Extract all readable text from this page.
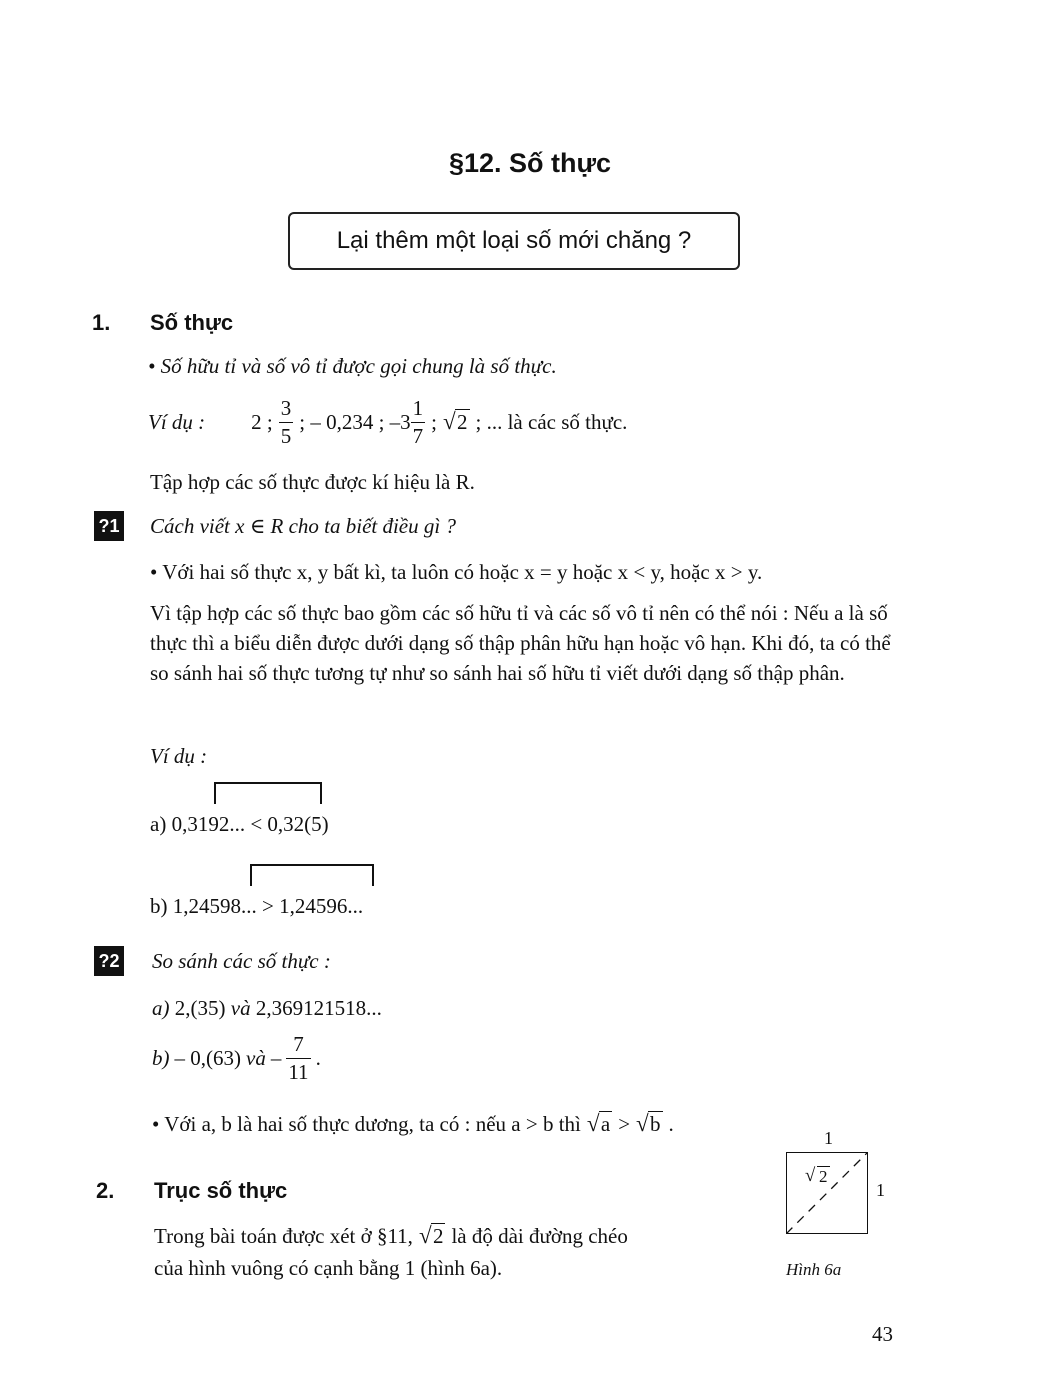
§12. Số thực
Lại thêm một loại số mới chăng ?
1. Số thực
• Số hữu tỉ và số vô tỉ được gọi chung là số thực.
Ví dụ : 2 ; $\frac{3}{5}$ ; – 0,234 ; $-3 \frac{1}{7}$ ; √ 2 ; ... là các số thực.
Tập hợp các số thực được kí hiệu là R.
?1 Cách viết x ∈ R cho ta biết điều gì ?
• Với hai số thực x, y bất kì, ta luôn có hoặc x = y hoặc x < y, hoặc x > y.
Vì tập hợp các số thực bao gồm các số hữu tỉ và các số vô tỉ nên có thể nói : Nếu a là số thực thì a biểu diễn được dưới dạng số thập phân hữu hạn hoặc vô hạn. Khi đó, ta có thể so sánh hai số thực tương tự như so sánh hai số hữu tỉ viết dưới dạng số thập phân.
Ví dụ :
a) 0,3192... < 0,32(5)
b) 1,24598... > 1,24596...
?2 So sánh các số thực :
a) 2,(35) và 2,369121518...
b) – 0,(63) và – $\frac{7}{11}$ .
• Với a, b là hai số thực dương, ta có : nếu a > b thì √ a > √ b .
2. Trục số thực
Trong bài toán được xét ở §11, √ 2 là độ dài đường chéo
của hình vuông có cạnh bằng 1 (hình 6a).
1
√ 2
1
Hình 6a
43
